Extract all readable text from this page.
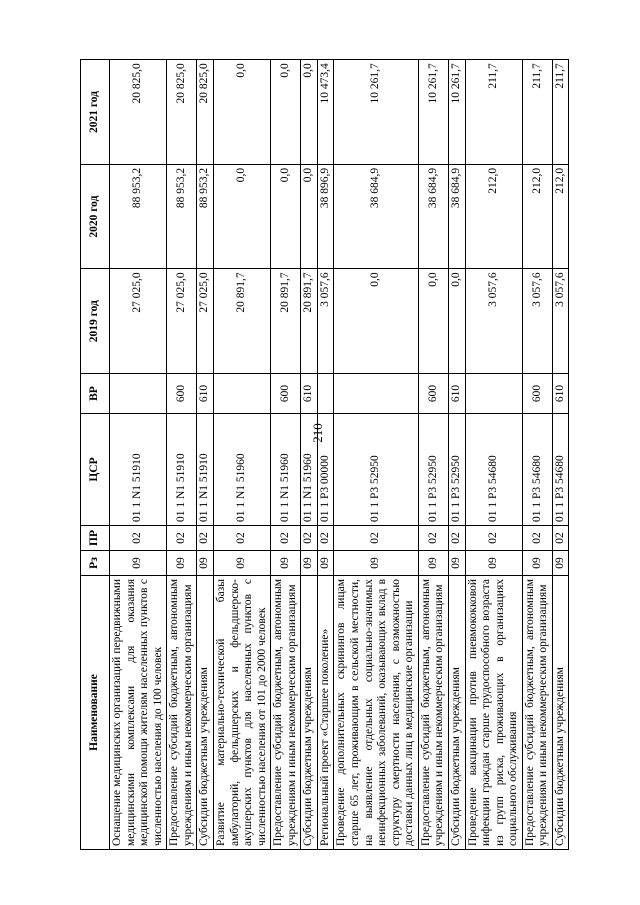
210
Наименование	Рз	ПР	ЦСР	ВР	2019 год	2020 год	2021 год
Оснащение медицинских организаций передвижными медицинскими комплексами для оказания медицинской помощи жителям населенных пунктов с численностью населения до 100 человек	09	02	01 1 N1 51910		27 025,0	88 953,2	20 825,0
Предоставление субсидий бюджетным, автономным учреждениям и иным некоммерческим организациям	09	02	01 1 N1 51910	600	27 025,0	88 953,2	20 825,0
Субсидии бюджетным учреждениям	09	02	01 1 N1 51910	610	27 025,0	88 953,2	20 825,0
Развитие материально-технической базы амбулаторий, фельдшерских и фельдшерско-акушерских пунктов для населенных пунктов с численностью населения от 101 до 2000 человек	09	02	01 1 N1 51960		20 891,7	0,0	0,0
Предоставление субсидий бюджетным, автономным учреждениям и иным некоммерческим организациям	09	02	01 1 N1 51960	600	20 891,7	0,0	0,0
Субсидии бюджетным учреждениям	09	02	01 1 N1 51960	610	20 891,7	0,0	0,0
Региональный проект «Старшее поколение»	09	02	01 1 P3 00000		3 057,6	38 896,9	10 473,4
Проведение дополнительных скринингов лицам старше 65 лет, проживающим в сельской местности, на выявление отдельных социально-значимых неинфекционных заболеваний, оказывающих вклад в структуру смертности населения, с возможностью доставки данных лиц в медицинские организации	09	02	01 1 P3 52950		0,0	38 684,9	10 261,7
Предоставление субсидий бюджетным, автономным учреждениям и иным некоммерческим организациям	09	02	01 1 P3 52950	600	0,0	38 684,9	10 261,7
Субсидии бюджетным учреждениям	09	02	01 1 P3 52950	610	0,0	38 684,9	10 261,7
Проведение вакцинации против пневмококковой инфекции граждан старше трудоспособного возраста из групп риска, проживающих в организациях социального обслуживания	09	02	01 1 P3 54680		3 057,6	212,0	211,7
Предоставление субсидий бюджетным, автономным учреждениям и иным некоммерческим организациям	09	02	01 1 P3 54680	600	3 057,6	212,0	211,7
Субсидии бюджетным учреждениям	09	02	01 1 P3 54680	610	3 057,6	212,0	211,7
